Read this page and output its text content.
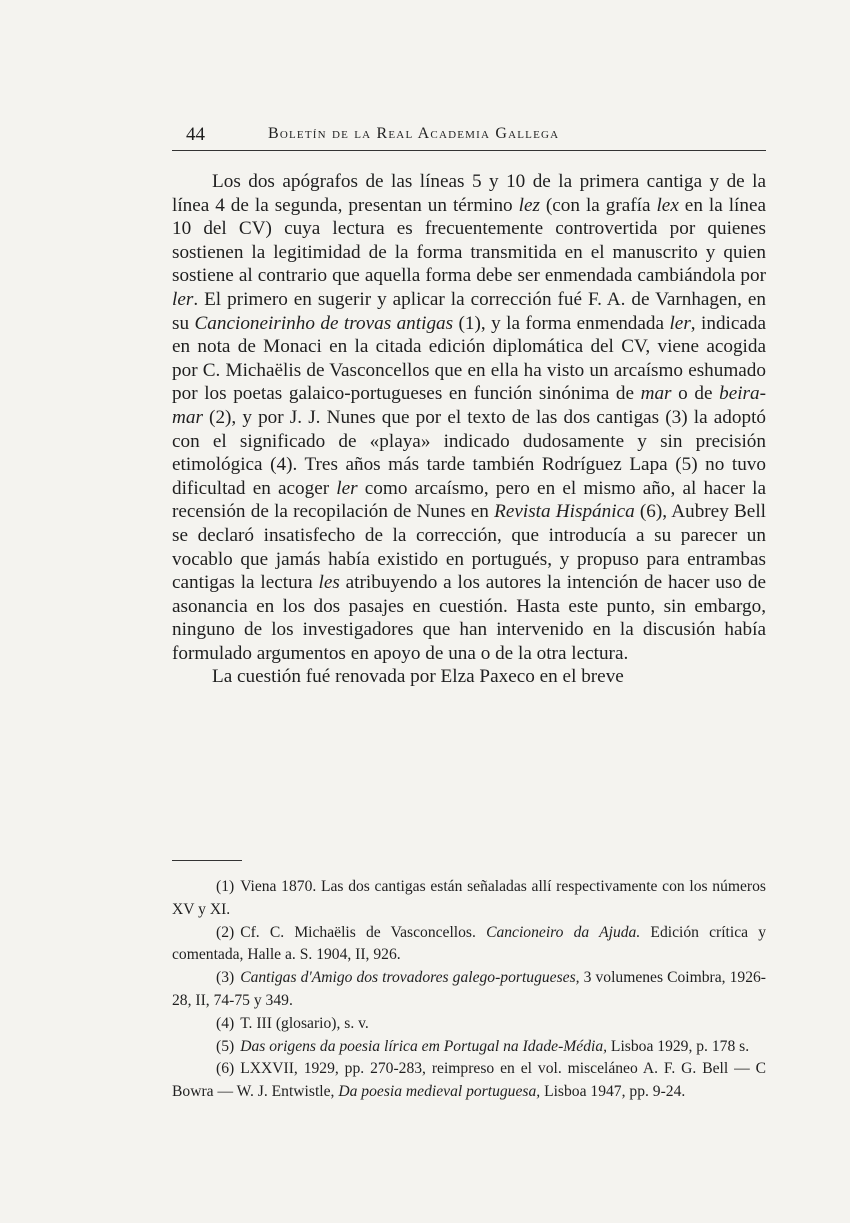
44	Boletín de la Real Academia Gallega

Los dos apógrafos de las líneas 5 y 10 de la primera cantiga y de la línea 4 de la segunda, presentan un término lez (con la grafía lex en la línea 10 del CV) cuya lectura es frecuentemente controvertida por quienes sostienen la legitimidad de la forma transmitida en el manuscrito y quien sostiene al contrario que aquella forma debe ser enmendada cambiándola por ler. El primero en sugerir y aplicar la corrección fué F. A. de Varnhagen, en su Cancioneirinho de trovas antigas (1), y la forma enmendada ler, indicada en nota de Monaci en la citada edición diplomática del CV, viene acogida por C. Michaëlis de Vasconcellos que en ella ha visto un arcaísmo eshumado por los poetas galaico-portugueses en función sinónima de mar o de beira-mar (2), y por J. J. Nunes que por el texto de las dos cantigas (3) la adoptó con el significado de «playa» indicado dudosamente y sin precisión etimológica (4). Tres años más tarde también Rodríguez Lapa (5) no tuvo dificultad en acoger ler como arcaísmo, pero en el mismo año, al hacer la recensión de la recopilación de Nunes en Revista Hispánica (6), Aubrey Bell se declaró insatisfecho de la corrección, que introducía a su parecer un vocablo que jamás había existido en portugués, y propuso para entrambas cantigas la lectura les atribuyendo a los autores la intención de hacer uso de asonancia en los dos pasajes en cuestión. Hasta este punto, sin embargo, ninguno de los investigadores que han intervenido en la discusión había formulado argumentos en apoyo de una o de la otra lectura.

La cuestión fué renovada por Elza Paxeco en el breve

(1) Viena 1870. Las dos cantigas están señaladas allí respectivamente con los números XV y XI.

(2) Cf. C. Michaëlis de Vasconcellos. Cancioneiro da Ajuda. Edición crítica y comentada, Halle a. S. 1904, II, 926.

(3) Cantigas d'Amigo dos trovadores galego-portugueses, 3 volumenes Coimbra, 1926-28, II, 74-75 y 349.

(4) T. III (glosario), s. v.

(5) Das origens da poesia lírica em Portugal na Idade-Média, Lisboa 1929, p. 178 s.

(6) LXXVII, 1929, pp. 270-283, reimpreso en el vol. misceláneo A. F. G. Bell — C Bowra — W. J. Entwistle, Da poesia medieval portuguesa, Lisboa 1947, pp. 9-24.
